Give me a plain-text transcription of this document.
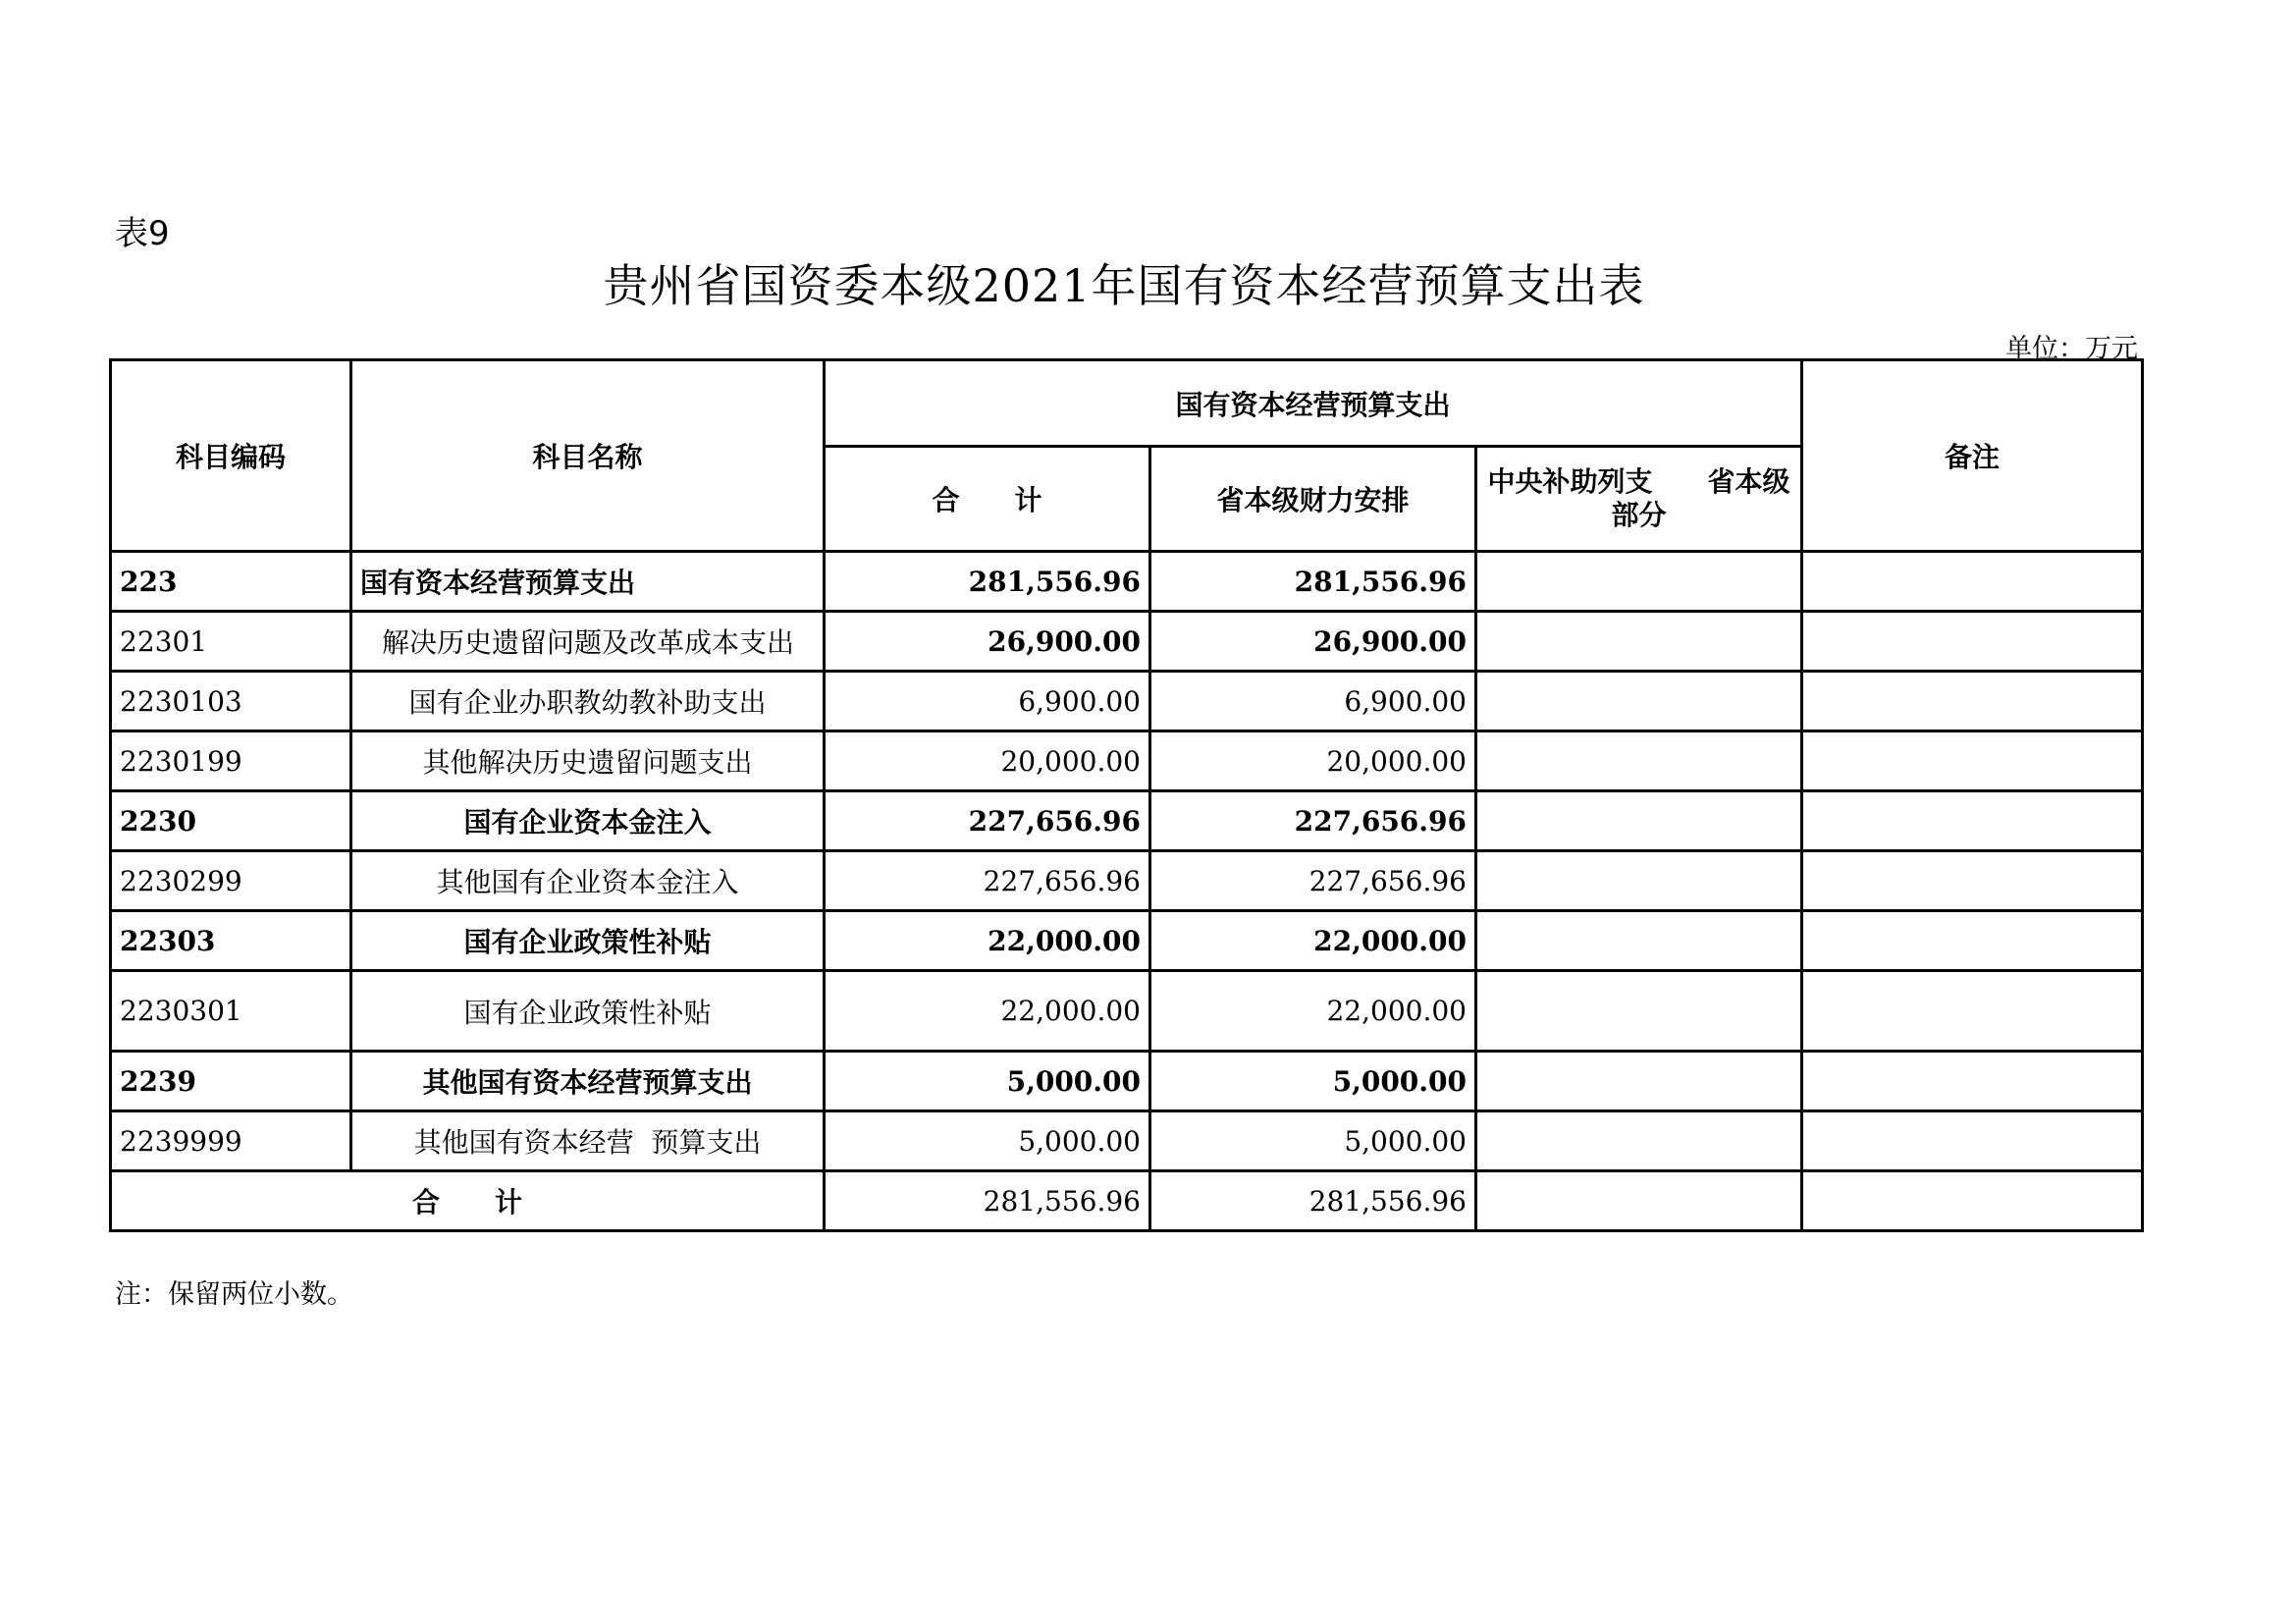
表9
贵州省国资委本级2021年国有资本经营预算支出表
单位：万元
科目编码	科目名称	国有资本经营预算支出			备注
		合　　计	省本级财力安排	中央补助列支　　省本级部分	
223	国有资本经营预算支出	281,556.96	281,556.96		
22301	解决历史遗留问题及改革成本支出	26,900.00	26,900.00		
2230103	国有企业办职教幼教补助支出	6,900.00	6,900.00		
2230199	其他解决历史遗留问题支出	20,000.00	20,000.00		
2230	国有企业资本金注入	227,656.96	227,656.96		
2230299	其他国有企业资本金注入	227,656.96	227,656.96		
22303	国有企业政策性补贴	22,000.00	22,000.00		
2230301	国有企业政策性补贴	22,000.00	22,000.00		
2239	其他国有资本经营预算支出	5,000.00	5,000.00		
2239999	其他国有资本经营  预算支出	5,000.00	5,000.00		
合　　计		281,556.96	281,556.96		
注：保留两位小数。
